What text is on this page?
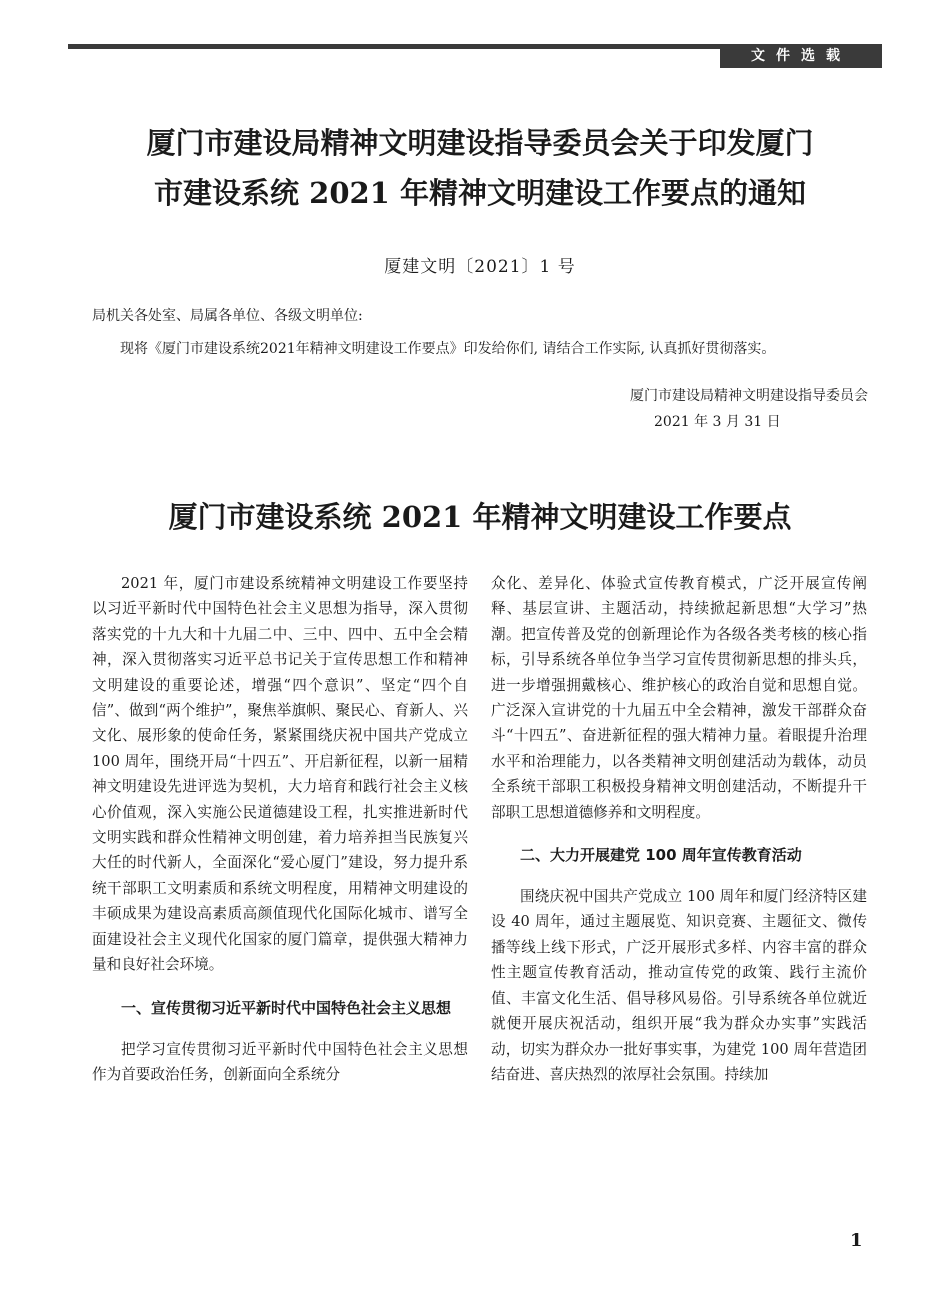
文件选载
厦门市建设局精神文明建设指导委员会关于印发厦门
市建设系统 2021 年精神文明建设工作要点的通知
厦建文明〔2021〕1 号
局机关各处室、局属各单位、各级文明单位:
现将《厦门市建设系统2021年精神文明建设工作要点》印发给你们, 请结合工作实际, 认真抓好贯彻落实。
厦门市建设局精神文明建设指导委员会
2021 年 3 月 31 日
厦门市建设系统 2021 年精神文明建设工作要点

2021 年，厦门市建设系统精神文明建设工作要坚持以习近平新时代中国特色社会主义思想为指导，深入贯彻落实党的十九大和十九届二中、三中、四中、五中全会精神，深入贯彻落实习近平总书记关于宣传思想工作和精神文明建设的重要论述，增强“四个意识”、坚定“四个自信”、做到“两个维护”，聚焦举旗帜、聚民心、育新人、兴文化、展形象的使命任务，紧紧围绕庆祝中国共产党成立 100 周年，围绕开局“十四五”、开启新征程，以新一届精神文明建设先进评选为契机，大力培育和践行社会主义核心价值观，深入实施公民道德建设工程，扎实推进新时代文明实践和群众性精神文明创建，着力培养担当民族复兴大任的时代新人，全面深化“爱心厦门”建设，努力提升系统干部职工文明素质和系统文明程度，用精神文明建设的丰硕成果为建设高素质高颜值现代化国际化城市、谱写全面建设社会主义现代化国家的厦门篇章，提供强大精神力量和良好社会环境。

一、宣传贯彻习近平新时代中国特色社会主义思想

把学习宣传贯彻习近平新时代中国特色社会主义思想作为首要政治任务，创新面向全系统分

众化、差异化、体验式宣传教育模式，广泛开展宣传阐释、基层宣讲、主题活动，持续掀起新思想“大学习”热潮。把宣传普及党的创新理论作为各级各类考核的核心指标，引导系统各单位争当学习宣传贯彻新思想的排头兵，进一步增强拥戴核心、维护核心的政治自觉和思想自觉。广泛深入宣讲党的十九届五中全会精神，激发干部群众奋斗“十四五”、奋进新征程的强大精神力量。着眼提升治理水平和治理能力，以各类精神文明创建活动为载体，动员全系统干部职工积极投身精神文明创建活动，不断提升干部职工思想道德修养和文明程度。

二、大力开展建党 100 周年宣传教育活动

围绕庆祝中国共产党成立 100 周年和厦门经济特区建设 40 周年，通过主题展览、知识竞赛、主题征文、微传播等线上线下形式，广泛开展形式多样、内容丰富的群众性主题宣传教育活动，推动宣传党的政策、践行主流价值、丰富文化生活、倡导移风易俗。引导系统各单位就近就便开展庆祝活动，组织开展“我为群众办实事”实践活动，切实为群众办一批好事实事，为建党 100 周年营造团结奋进、喜庆热烈的浓厚社会氛围。持续加

1
